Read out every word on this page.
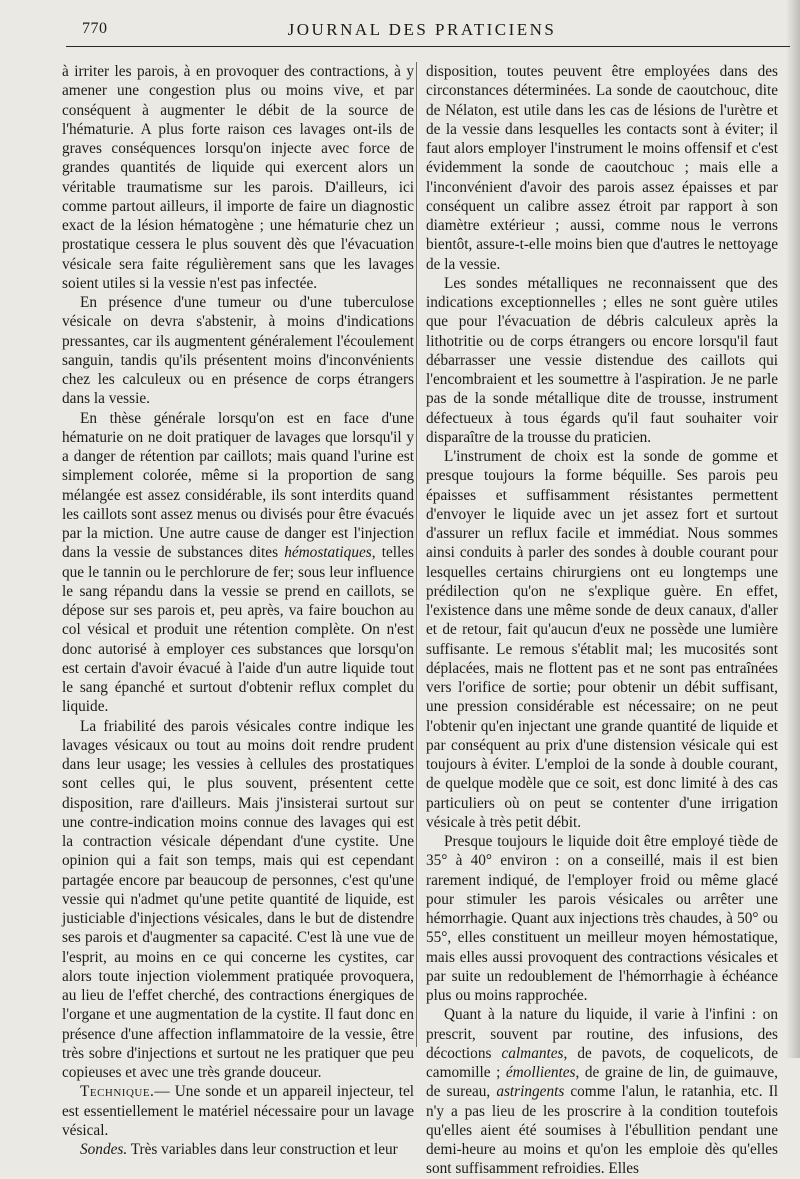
770	JOURNAL DES PRATICIENS

à irriter les parois, à en provoquer des contractions, à y amener une congestion plus ou moins vive, et par conséquent à augmenter le débit de la source de l'hématurie. A plus forte raison ces lavages ont-ils de graves conséquences lorsqu'on injecte avec force de grandes quantités de liquide qui exercent alors un véritable traumatisme sur les parois. D'ailleurs, ici comme partout ailleurs, il importe de faire un diagnostic exact de la lésion hématogène ; une hématurie chez un prostatique cessera le plus souvent dès que l'évacuation vésicale sera faite régulièrement sans que les lavages soient utiles si la vessie n'est pas infectée.

En présence d'une tumeur ou d'une tuberculose vésicale on devra s'abstenir, à moins d'indications pressantes, car ils augmentent généralement l'écoulement sanguin, tandis qu'ils présentent moins d'inconvénients chez les calculeux ou en présence de corps étrangers dans la vessie.

En thèse générale lorsqu'on est en face d'une hématurie on ne doit pratiquer de lavages que lorsqu'il y a danger de rétention par caillots; mais quand l'urine est simplement colorée, même si la proportion de sang mélangée est assez considérable, ils sont interdits quand les caillots sont assez menus ou divisés pour être évacués par la miction. Une autre cause de danger est l'injection dans la vessie de substances dites hémostatiques, telles que le tannin ou le perchlorure de fer; sous leur influence le sang répandu dans la vessie se prend en caillots, se dépose sur ses parois et, peu après, va faire bouchon au col vésical et produit une rétention complète. On n'est donc autorisé à employer ces substances que lorsqu'on est certain d'avoir évacué à l'aide d'un autre liquide tout le sang épanché et surtout d'obtenir reflux complet du liquide.

La friabilité des parois vésicales contre indique les lavages vésicaux ou tout au moins doit rendre prudent dans leur usage; les vessies à cellules des prostatiques sont celles qui, le plus souvent, présentent cette disposition, rare d'ailleurs. Mais j'insisterai surtout sur une contre-indication moins connue des lavages qui est la contraction vésicale dépendant d'une cystite. Une opinion qui a fait son temps, mais qui est cependant partagée encore par beaucoup de personnes, c'est qu'une vessie qui n'admet qu'une petite quantité de liquide, est justiciable d'injections vésicales, dans le but de distendre ses parois et d'augmenter sa capacité. C'est là une vue de l'esprit, au moins en ce qui concerne les cystites, car alors toute injection violemment pratiquée provoquera, au lieu de l'effet cherché, des contractions énergiques de l'organe et une augmentation de la cystite. Il faut donc en présence d'une affection inflammatoire de la vessie, être très sobre d'injections et surtout ne les pratiquer que peu copieuses et avec une très grande douceur.

Technique.— Une sonde et un appareil injecteur, tel est essentiellement le matériel nécessaire pour un lavage vésical.

Sondes. Très variables dans leur construction et leur

disposition, toutes peuvent être employées dans des circonstances déterminées. La sonde de caoutchouc, dite de Nélaton, est utile dans les cas de lésions de l'urètre et de la vessie dans lesquelles les contacts sont à éviter; il faut alors employer l'instrument le moins offensif et c'est évidemment la sonde de caoutchouc ; mais elle a l'inconvénient d'avoir des parois assez épaisses et par conséquent un calibre assez étroit par rapport à son diamètre extérieur ; aussi, comme nous le verrons bientôt, assure-t-elle moins bien que d'autres le nettoyage de la vessie.

Les sondes métalliques ne reconnaissent que des indications exceptionnelles ; elles ne sont guère utiles que pour l'évacuation de débris calculeux après la lithotritie ou de corps étrangers ou encore lorsqu'il faut débarrasser une vessie distendue des caillots qui l'encombraient et les soumettre à l'aspiration. Je ne parle pas de la sonde métallique dite de trousse, instrument défectueux à tous égards qu'il faut souhaiter voir disparaître de la trousse du praticien.

L'instrument de choix est la sonde de gomme et presque toujours la forme béquille. Ses parois peu épaisses et suffisamment résistantes permettent d'envoyer le liquide avec un jet assez fort et surtout d'assurer un reflux facile et immédiat. Nous sommes ainsi conduits à parler des sondes à double courant pour lesquelles certains chirurgiens ont eu longtemps une prédilection qu'on ne s'explique guère. En effet, l'existence dans une même sonde de deux canaux, d'aller et de retour, fait qu'aucun d'eux ne possède une lumière suffisante. Le remous s'établit mal; les mucosités sont déplacées, mais ne flottent pas et ne sont pas entraînées vers l'orifice de sortie; pour obtenir un débit suffisant, une pression considérable est nécessaire; on ne peut l'obtenir qu'en injectant une grande quantité de liquide et par conséquent au prix d'une distension vésicale qui est toujours à éviter. L'emploi de la sonde à double courant, de quelque modèle que ce soit, est donc limité à des cas particuliers où on peut se contenter d'une irrigation vésicale à très petit débit.

Presque toujours le liquide doit être employé tiède de 35° à 40° environ : on a conseillé, mais il est bien rarement indiqué, de l'employer froid ou même glacé pour stimuler les parois vésicales ou arrêter une hémorrhagie. Quant aux injections très chaudes, à 50° ou 55°, elles constituent un meilleur moyen hémostatique, mais elles aussi provoquent des contractions vésicales et par suite un redoublement de l'hémorrhagie à échéance plus ou moins rapprochée.

Quant à la nature du liquide, il varie à l'infini : on prescrit, souvent par routine, des infusions, des décoctions calmantes, de pavots, de coquelicots, de camomille ; émollientes, de graine de lin, de guimauve, de sureau, astringents comme l'alun, le ratanhia, etc. Il n'y a pas lieu de les proscrire à la condition toutefois qu'elles aient été soumises à l'ébullition pendant une demi-heure au moins et qu'on les emploie dès qu'elles sont suffisamment refroidies. Elles
